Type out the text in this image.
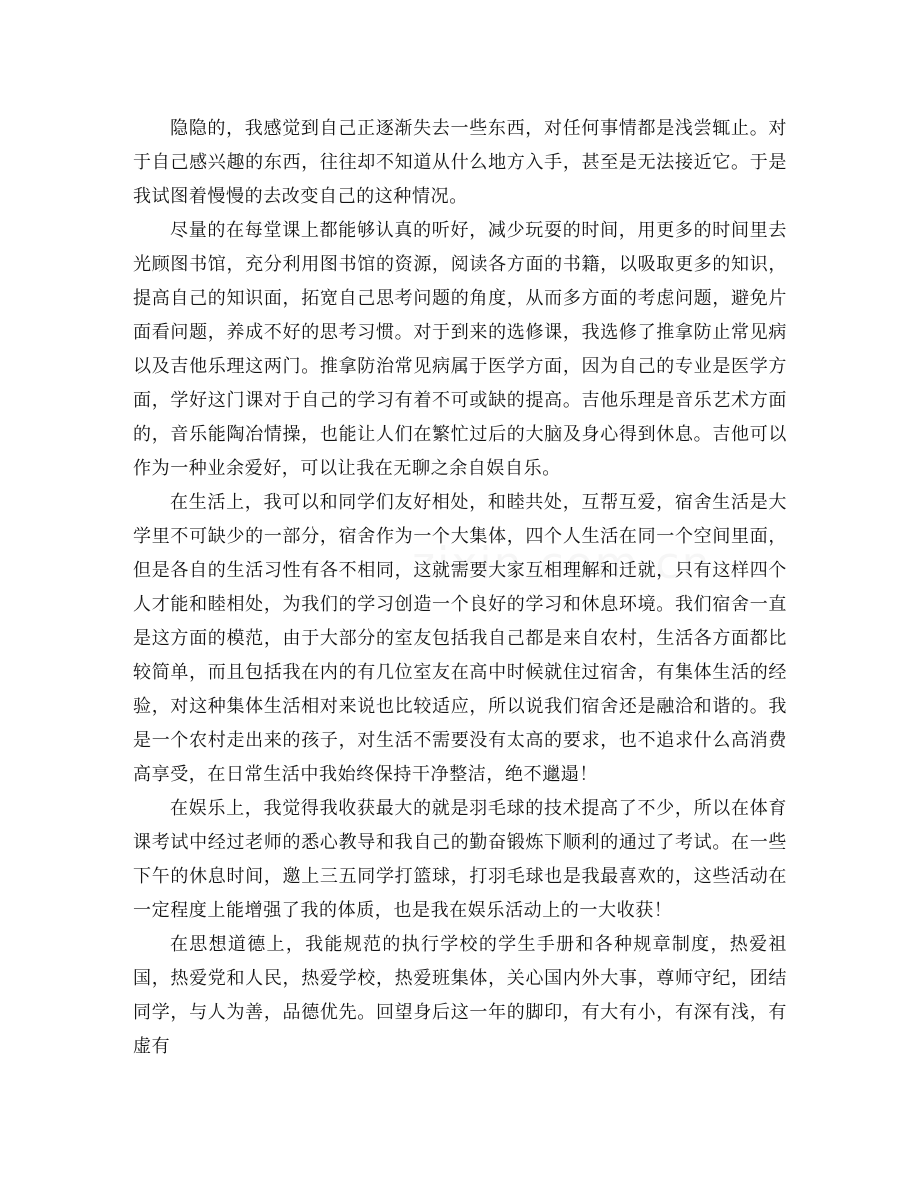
隐隐的，我感觉到自己正逐渐失去一些东西，对任何事情都是浅尝辄止。对于自己感兴趣的东西，往往却不知道从什么地方入手，甚至是无法接近它。于是我试图着慢慢的去改变自己的这种情况。

尽量的在每堂课上都能够认真的听好，减少玩耍的时间，用更多的时间里去光顾图书馆，充分利用图书馆的资源，阅读各方面的书籍，以吸取更多的知识，提高自己的知识面，拓宽自己思考问题的角度，从而多方面的考虑问题，避免片面看问题，养成不好的思考习惯。对于到来的选修课，我选修了推拿防止常见病以及吉他乐理这两门。推拿防治常见病属于医学方面，因为自己的专业是医学方面，学好这门课对于自己的学习有着不可或缺的提高。吉他乐理是音乐艺术方面的，音乐能陶冶情操，也能让人们在繁忙过后的大脑及身心得到休息。吉他可以作为一种业余爱好，可以让我在无聊之余自娱自乐。

在生活上，我可以和同学们友好相处，和睦共处，互帮互爱，宿舍生活是大学里不可缺少的一部分，宿舍作为一个大集体，四个人生活在同一个空间里面，但是各自的生活习性有各不相同，这就需要大家互相理解和迁就，只有这样四个人才能和睦相处，为我们的学习创造一个良好的学习和休息环境。我们宿舍一直是这方面的模范，由于大部分的室友包括我自己都是来自农村，生活各方面都比较简单，而且包括我在内的有几位室友在高中时候就住过宿舍，有集体生活的经验，对这种集体生活相对来说也比较适应，所以说我们宿舍还是融洽和谐的。我是一个农村走出来的孩子，对生活不需要没有太高的要求，也不追求什么高消费高享受，在日常生活中我始终保持干净整洁，绝不邋遢！

在娱乐上，我觉得我收获最大的就是羽毛球的技术提高了不少，所以在体育课考试中经过老师的悉心教导和我自己的勤奋锻炼下顺利的通过了考试。在一些下午的休息时间，邀上三五同学打篮球，打羽毛球也是我最喜欢的，这些活动在一定程度上能增强了我的体质，也是我在娱乐活动上的一大收获！

在思想道德上，我能规范的执行学校的学生手册和各种规章制度，热爱祖国，热爱党和人民，热爱学校，热爱班集体，关心国内外大事，尊师守纪，团结同学，与人为善，品德优先。回望身后这一年的脚印，有大有小，有深有浅，有虚有
